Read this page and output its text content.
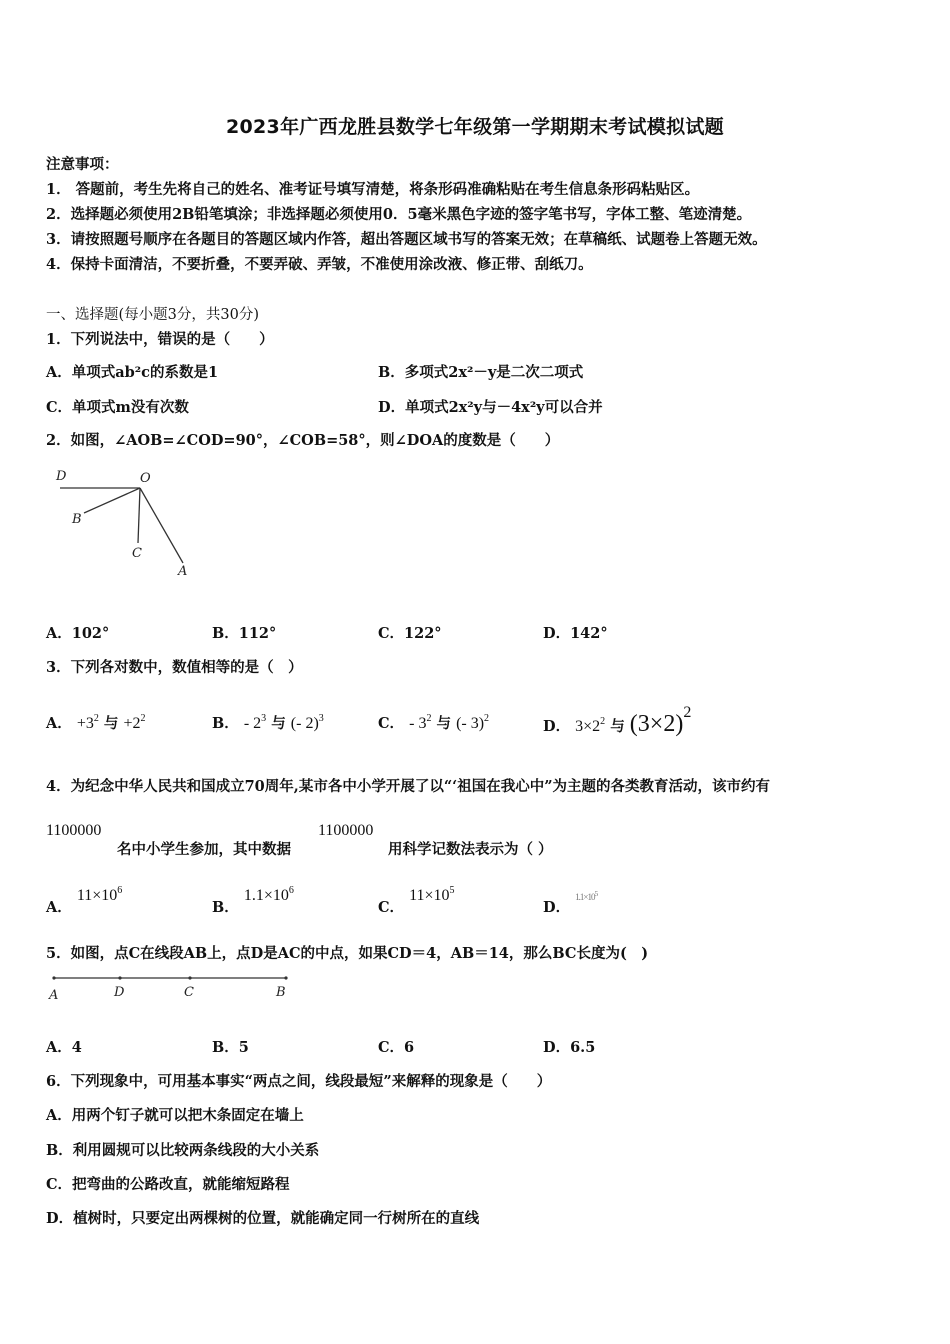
2023年广西龙胜县数学七年级第一学期期末考试模拟试题
注意事项：
1． 答题前，考生先将自己的姓名、准考证号填写清楚，将条形码准确粘贴在考生信息条形码粘贴区。
2．选择题必须使用2B铅笔填涂；非选择题必须使用0．5毫米黑色字迹的签字笔书写，字体工整、笔迹清楚。
3．请按照题号顺序在各题目的答题区域内作答，超出答题区域书写的答案无效；在草稿纸、试题卷上答题无效。
4．保持卡面清洁，不要折叠，不要弄破、弄皱，不准使用涂改液、修正带、刮纸刀。
一、选择题(每小题3分，共30分)
1．下列说法中，错误的是（　　）
A．单项式ab²c的系数是1	B．多项式2x²－y是二次二项式
C．单项式m没有次数	D．单项式2x²y与－4x²y可以合并
2．如图，∠AOB=∠COD=90°，∠COB=58°，则∠DOA的度数是（　　）
D	O
B
C
A
A．102°	B．112°	C．122°	D．142°
3．下列各对数中，数值相等的是（　）
A． $+3^2$ 与 $+2^2$	B． - $2^3$ 与 (- 2)$^3$	C． - $3^2$ 与 (- 3)$^2$	D． $3\times 2^2$ 与 $(3\times 2)^2$
4．为纪念中华人民共和国成立70周年,某市各中小学开展了以“‘祖国在我心中”为主题的各类教育活动，该市约有
1100000
名中小学生参加，其中数据
1100000
用科学记数法表示为（ ）
A． $11\times 10^6$
B． $1.1\times 10^6$
C． $11\times 10^5$
D． $1.1\times 10^5$
5．如图，点C在线段AB上，点D是AC的中点，如果CD＝4，AB＝14，那么BC长度为(　)
A	D	C	B
A．4	B．5	C．6	D．6.5
6．下列现象中，可用基本事实“两点之间，线段最短”来解释的现象是（　　）
A．用两个钉子就可以把木条固定在墙上
B．利用圆规可以比较两条线段的大小关系
C．把弯曲的公路改直，就能缩短路程
D．植树时，只要定出两棵树的位置，就能确定同一行树所在的直线
